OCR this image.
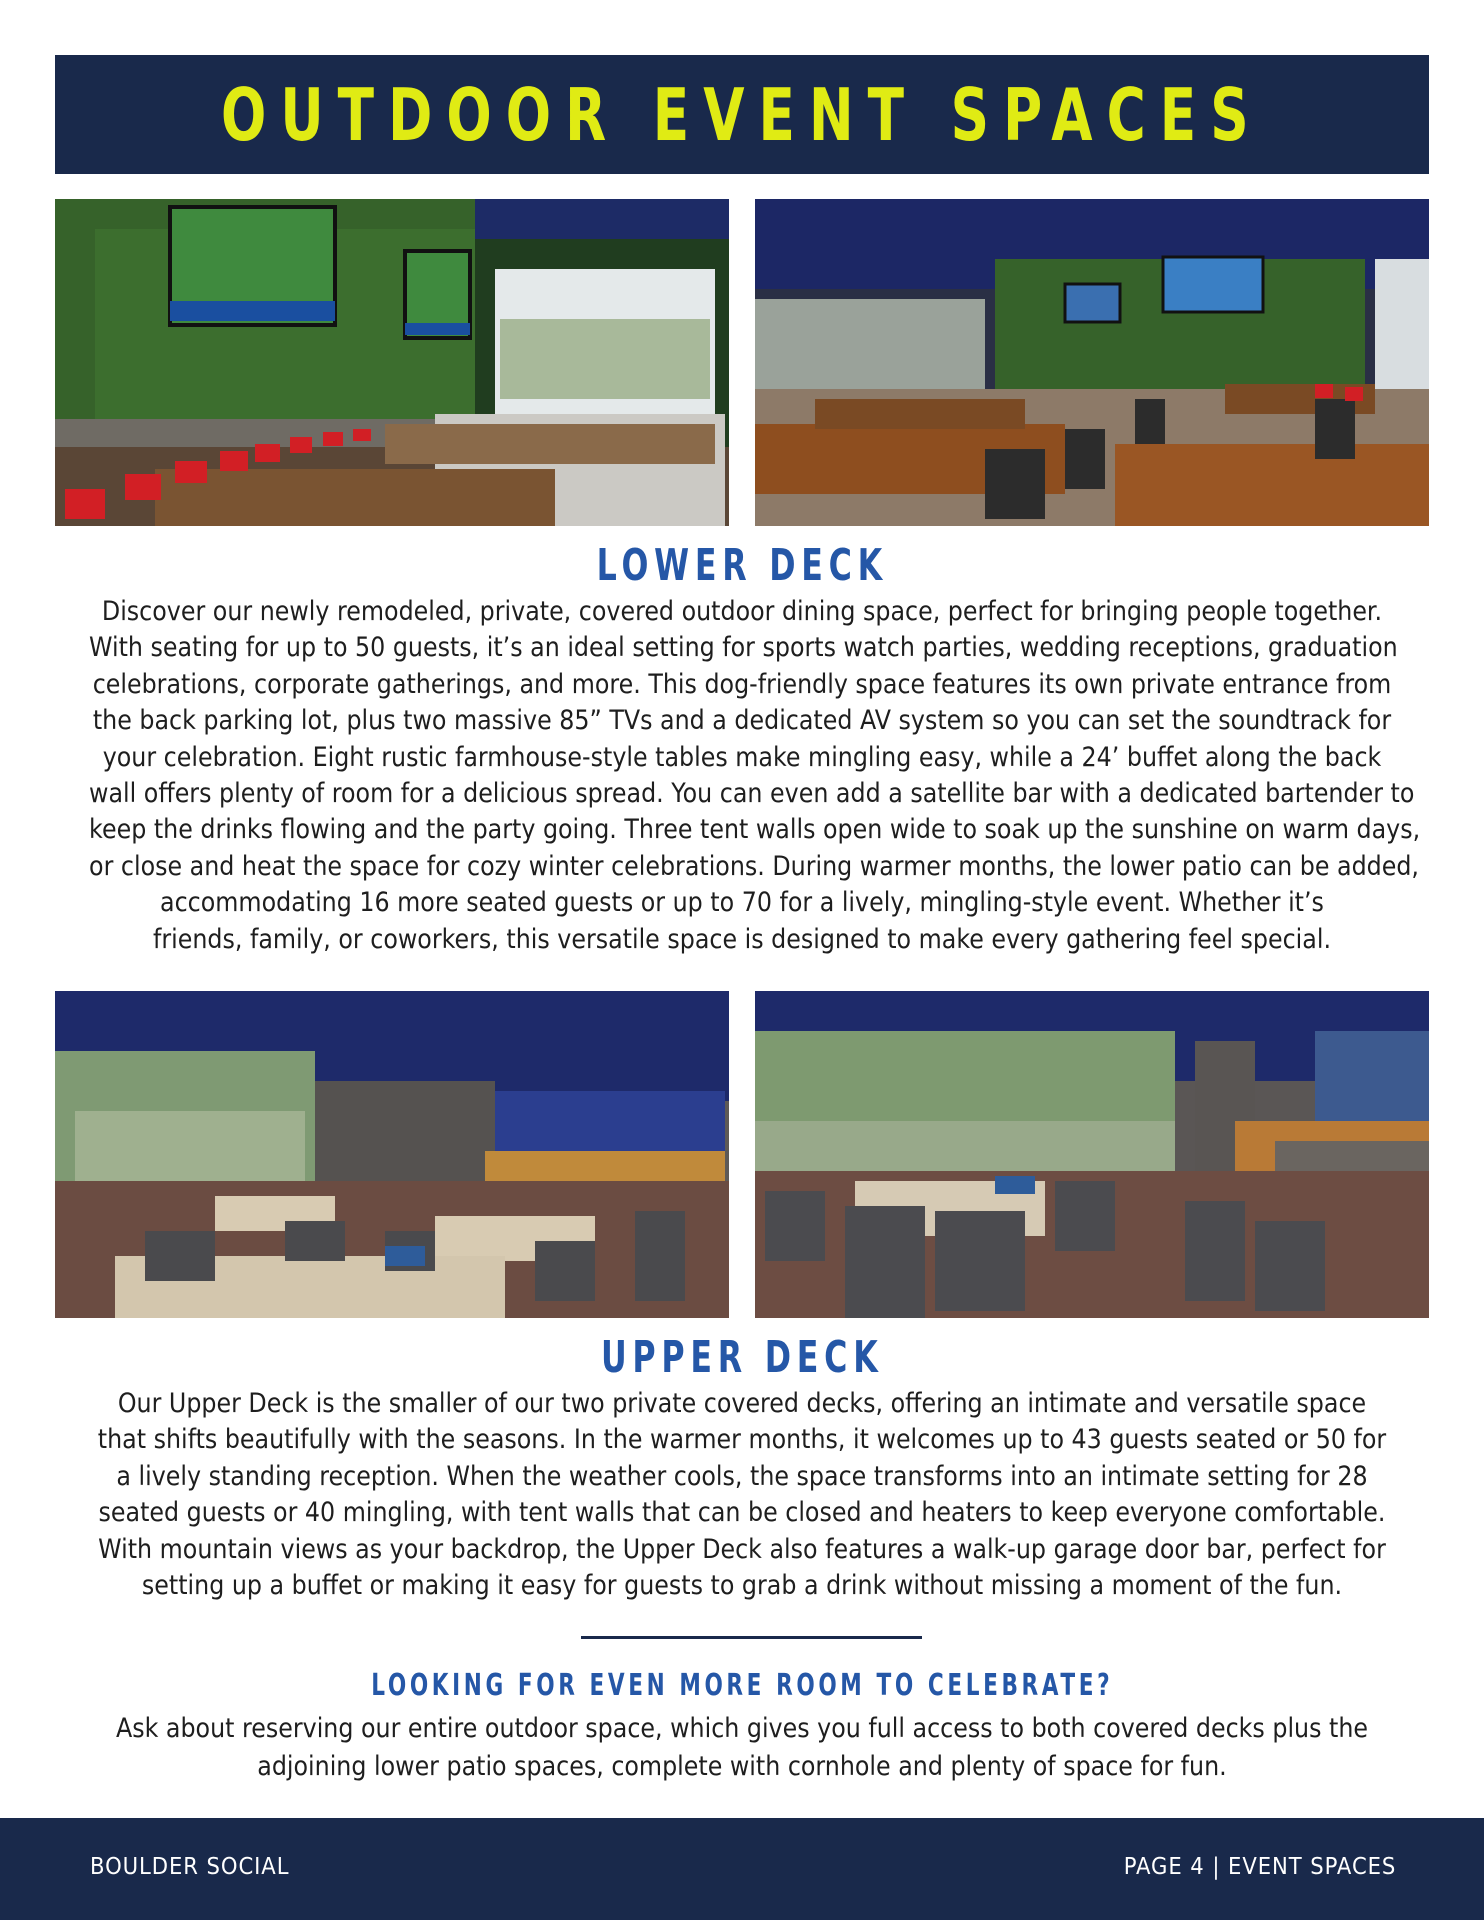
OUTDOOR EVENT SPACES
LOWER DECK

Discover our newly remodeled, private, covered outdoor dining space, perfect for bringing people together.
With seating for up to 50 guests, it’s an ideal setting for sports watch parties, wedding receptions, graduation
celebrations, corporate gatherings, and more. This dog-friendly space features its own private entrance from
the back parking lot, plus two massive 85” TVs and a dedicated AV system so you can set the soundtrack for
your celebration. Eight rustic farmhouse-style tables make mingling easy, while a 24’ buffet along the back
wall offers plenty of room for a delicious spread. You can even add a satellite bar with a dedicated bartender to
keep the drinks flowing and the party going. Three tent walls open wide to soak up the sunshine on warm days,
or close and heat the space for cozy winter celebrations. During warmer months, the lower patio can be added,
accommodating 16 more seated guests or up to 70 for a lively, mingling-style event. Whether it’s
friends, family, or coworkers, this versatile space is designed to make every gathering feel special.

UPPER DECK

Our Upper Deck is the smaller of our two private covered decks, offering an intimate and versatile space
that shifts beautifully with the seasons. In the warmer months, it welcomes up to 43 guests seated or 50 for
a lively standing reception. When the weather cools, the space transforms into an intimate setting for 28
seated guests or 40 mingling, with tent walls that can be closed and heaters to keep everyone comfortable.
With mountain views as your backdrop, the Upper Deck also features a walk-up garage door bar, perfect for
setting up a buffet or making it easy for guests to grab a drink without missing a moment of the fun.

LOOKING FOR EVEN MORE ROOM TO CELEBRATE?

Ask about reserving our entire outdoor space, which gives you full access to both covered decks plus the
adjoining lower patio spaces, complete with cornhole and plenty of space for fun.

BOULDER SOCIAL	PAGE 4 | EVENT SPACES
